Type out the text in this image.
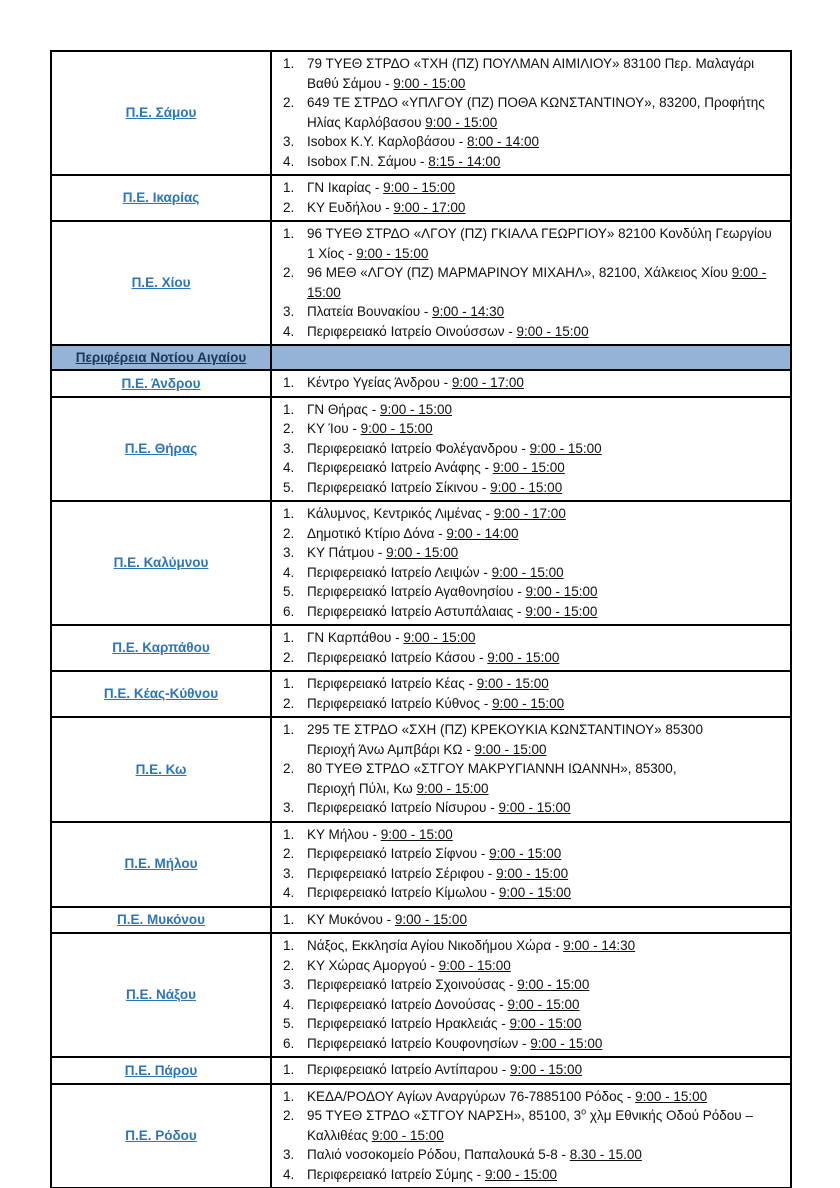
Π.Ε. Σάμου
79 ΤΥΕΘ ΣΤΡΔΟ «ΤΧΗ (ΠΖ) ΠΟΥΛΜΑΝ ΑΙΜΙΛΙΟΥ» 83100 Περ. Μαλαγάρι Βαθύ Σάμου - 9:00 - 15:00
649 ΤΕ ΣΤΡΔΟ «ΥΠΛΓΟΥ (ΠΖ) ΠΟΘΑ ΚΩΝΣΤΑΝΤΙΝΟΥ», 83200, Προφήτης Ηλίας Καρλόβασου 9:00 - 15:00
Isobox Κ.Υ. Καρλοβάσου - 8:00 - 14:00
Isobox Γ.Ν. Σάμου - 8:15 - 14:00
Π.Ε. Ικαρίας
ΓΝ Ικαρίας - 9:00 - 15:00
ΚΥ Ευδήλου - 9:00 - 17:00
Π.Ε. Χίου
96 ΤΥΕΘ ΣΤΡΔΟ «ΛΓΟΥ (ΠΖ) ΓΚΙΑΛΑ ΓΕΩΡΓΙΟΥ» 82100 Κονδύλη Γεωργίου 1 Χίος - 9:00 - 15:00
96 ΜΕΘ «ΛΓΟΥ (ΠΖ) ΜΑΡΜΑΡΙΝΟΥ ΜΙΧΑΗΛ», 82100, Χάλκειος Χίου 9:00 - 15:00
Πλατεία Βουνακίου - 9:00 - 14:30
Περιφερειακό Ιατρείο Οινούσσων - 9:00 - 15:00
Περιφέρεια Νοτίου Αιγαίου
Π.Ε. Άνδρου	Κέντρο Υγείας Άνδρου - 9:00 - 17:00
Π.Ε. Θήρας
ΓΝ Θήρας - 9:00 - 15:00
ΚΥ Ίου - 9:00 - 15:00
Περιφερειακό Ιατρείο Φολέγανδρου - 9:00 - 15:00
Περιφερειακό Ιατρείο Ανάφης - 9:00 - 15:00
Περιφερειακό Ιατρείο Σίκινου - 9:00 - 15:00
Π.Ε. Καλύμνου
Κάλυμνος, Κεντρικός Λιμένας - 9:00 - 17:00
Δημοτικό Κτίριο Δόνα - 9:00 - 14:00
ΚΥ Πάτμου - 9:00 - 15:00
Περιφερειακό Ιατρείο Λειψών - 9:00 - 15:00
Περιφερειακό Ιατρείο Αγαθονησίου - 9:00 - 15:00
Περιφερειακό Ιατρείο Αστυπάλαιας - 9:00 - 15:00
Π.Ε. Καρπάθου
ΓΝ Καρπάθου - 9:00 - 15:00
Περιφερειακό Ιατρείο Κάσου - 9:00 - 15:00
Π.Ε. Κέας-Κύθνου
Περιφερειακό Ιατρείο Κέας - 9:00 - 15:00
Περιφερειακό Ιατρείο Κύθνος - 9:00 - 15:00
Π.Ε. Κω
295 ΤΕ ΣΤΡΔΟ «ΣΧΗ (ΠΖ) ΚΡΕΚΟΥΚΙΑ ΚΩΝΣΤΑΝΤΙΝΟΥ» 85300
Περιοχή Άνω Αμπβάρι ΚΩ - 9:00 - 15:00
80 ΤΥΕΘ ΣΤΡΔΟ «ΣΤΓΟΥ ΜΑΚΡΥΓΙΑΝΝΗ ΙΩΑΝΝΗ», 85300,
Περιοχή Πύλι, Κω 9:00 - 15:00
Περιφερειακό Ιατρείο Νίσυρου - 9:00 - 15:00
Π.Ε. Μήλου
ΚΥ Μήλου - 9:00 - 15:00
Περιφερειακό Ιατρείο Σίφνου - 9:00 - 15:00
Περιφερειακό Ιατρείο Σέριφου - 9:00 - 15:00
Περιφερειακό Ιατρείο Κίμωλου - 9:00 - 15:00
Π.Ε. Μυκόνου	ΚΥ Μυκόνου - 9:00 - 15:00
Π.Ε. Νάξου
Νάξος, Εκκλησία Αγίου Νικοδήμου Χώρα - 9:00 - 14:30
ΚΥ Χώρας Αμοργού - 9:00 - 15:00
Περιφερειακό Ιατρείο Σχοινούσας - 9:00 - 15:00
Περιφερειακό Ιατρείο Δονούσας - 9:00 - 15:00
Περιφερειακό Ιατρείο Ηρακλειάς - 9:00 - 15:00
Περιφερειακό Ιατρείο Κουφονησίων - 9:00 - 15:00
Π.Ε. Πάρου	Περιφερειακό Ιατρείο Αντίπαρου - 9:00 - 15:00
Π.Ε. Ρόδου
ΚΕΔΑ/ΡΟΔΟΥ Αγίων Αναργύρων 76-7885100 Ρόδος - 9:00 - 15:00
95 ΤΥΕΘ ΣΤΡΔΟ «ΣΤΓΟΥ ΝΑΡΣΗ», 85100, $3^o$ χλμ Εθνικής Οδού Ρόδου – Καλλιθέας 9:00 - 15:00
Παλιό νοσοκομείο Ρόδου, Παπαλουκά 5-8 - 8.30 - 15.00
Περιφερειακό Ιατρείο Σύμης - 9:00 - 15:00
